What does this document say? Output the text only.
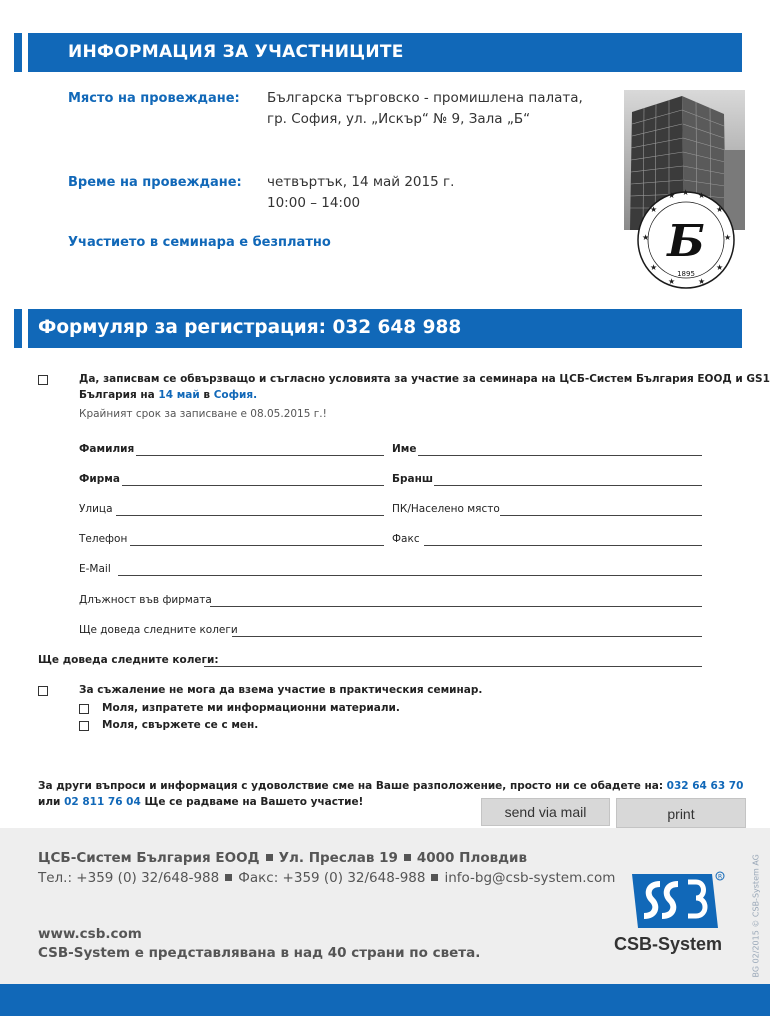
ИНФОРМАЦИЯ ЗА УЧАСТНИЦИТЕ
Място на провеждане: Българска търговско - промишлена палата,
гр. София, ул. „Искър“ № 9, Зала „Б“
Време на провеждане: четвъртък, 14 май 2015 г.
10:00 – 14:00
Участието в семинара е безплатно	★	★
★	★
★	★
★	★
★	★
★
Б
1895
Формуляр за регистрация: 032 648 988
Да, записвам се обвързващо и съгласно условията за участие за семинара на ЦСБ-Систем България ЕООД и GS1
България на 14 май в София.
Крайният срок за записване е 08.05.2015 г.!
Фамилия	Име
Фирма	Бранш
Улица	ПК/Населено място
Телефон	Факс
E-Mail
Длъжност във фирмата
Ще доведа следните колеги
Ще доведа следните колеги:
За съжаление не мога да взема участие в практическия семинар.
Моля, изпратете ми информационни материали.
Моля, свържете се с мен.
За други въпроси и информация с удоволствие сме на Ваше разположение, просто ни се обадете на: 032 64 63 70
или 02 811 76 04 Ще се радваме на Вашето участие!
ЦСБ-Систем България ЕООД Ул. Преслав 19 4000 Пловдив
Тел.: +359 (0) 32/648-988 Факс: +359 (0) 32/648-988 info-bg@csb-system.com
www.csb.com
CSB-System е представлявана в над 40 страни по света.
R
CSB-System	BG 02/2015 © CSB-System AG
send via mail	print
